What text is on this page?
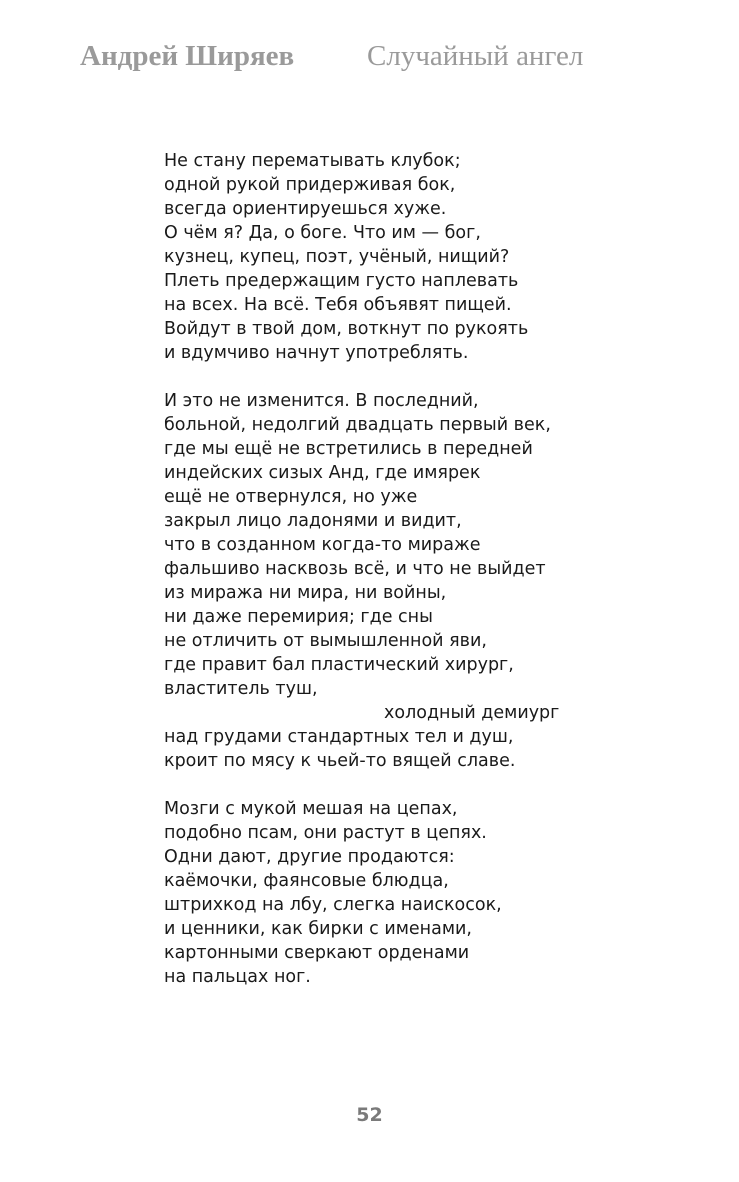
Андрей Ширяев	Случайный ангел
Не стану перематывать клубок;
одной рукой придерживая бок,
всегда ориентируешься хуже.
О чём я? Да, о боге. Что им — бог,
кузнец, купец, поэт, учёный, нищий?
Плеть предержащим густо наплевать
на всех. На всё. Тебя объявят пищей.
Войдут в твой дом, воткнут по рукоять
и вдумчиво начнут употреблять.
И это не изменится. В последний,
больной, недолгий двадцать первый век,
где мы ещё не встретились в передней
индейских сизых Анд, где имярек
ещё не отвернулся, но уже
закрыл лицо ладонями и видит,
что в созданном когда-то мираже
фальшиво насквозь всё, и что не выйдет
из миража ни мира, ни войны,
ни даже перемирия; где сны
не отличить от вымышленной яви,
где правит бал пластический хирург,
властитель туш,
холодный демиург
над грудами стандартных тел и душ,
кроит по мясу к чьей-то вящей славе.
Мозги с мукой мешая на цепах,
подобно псам, они растут в цепях.
Одни дают, другие продаются:
каёмочки, фаянсовые блюдца,
штрихкод на лбу, слегка наискосок,
и ценники, как бирки с именами,
картонными сверкают орденами
на пальцах ног.
52
